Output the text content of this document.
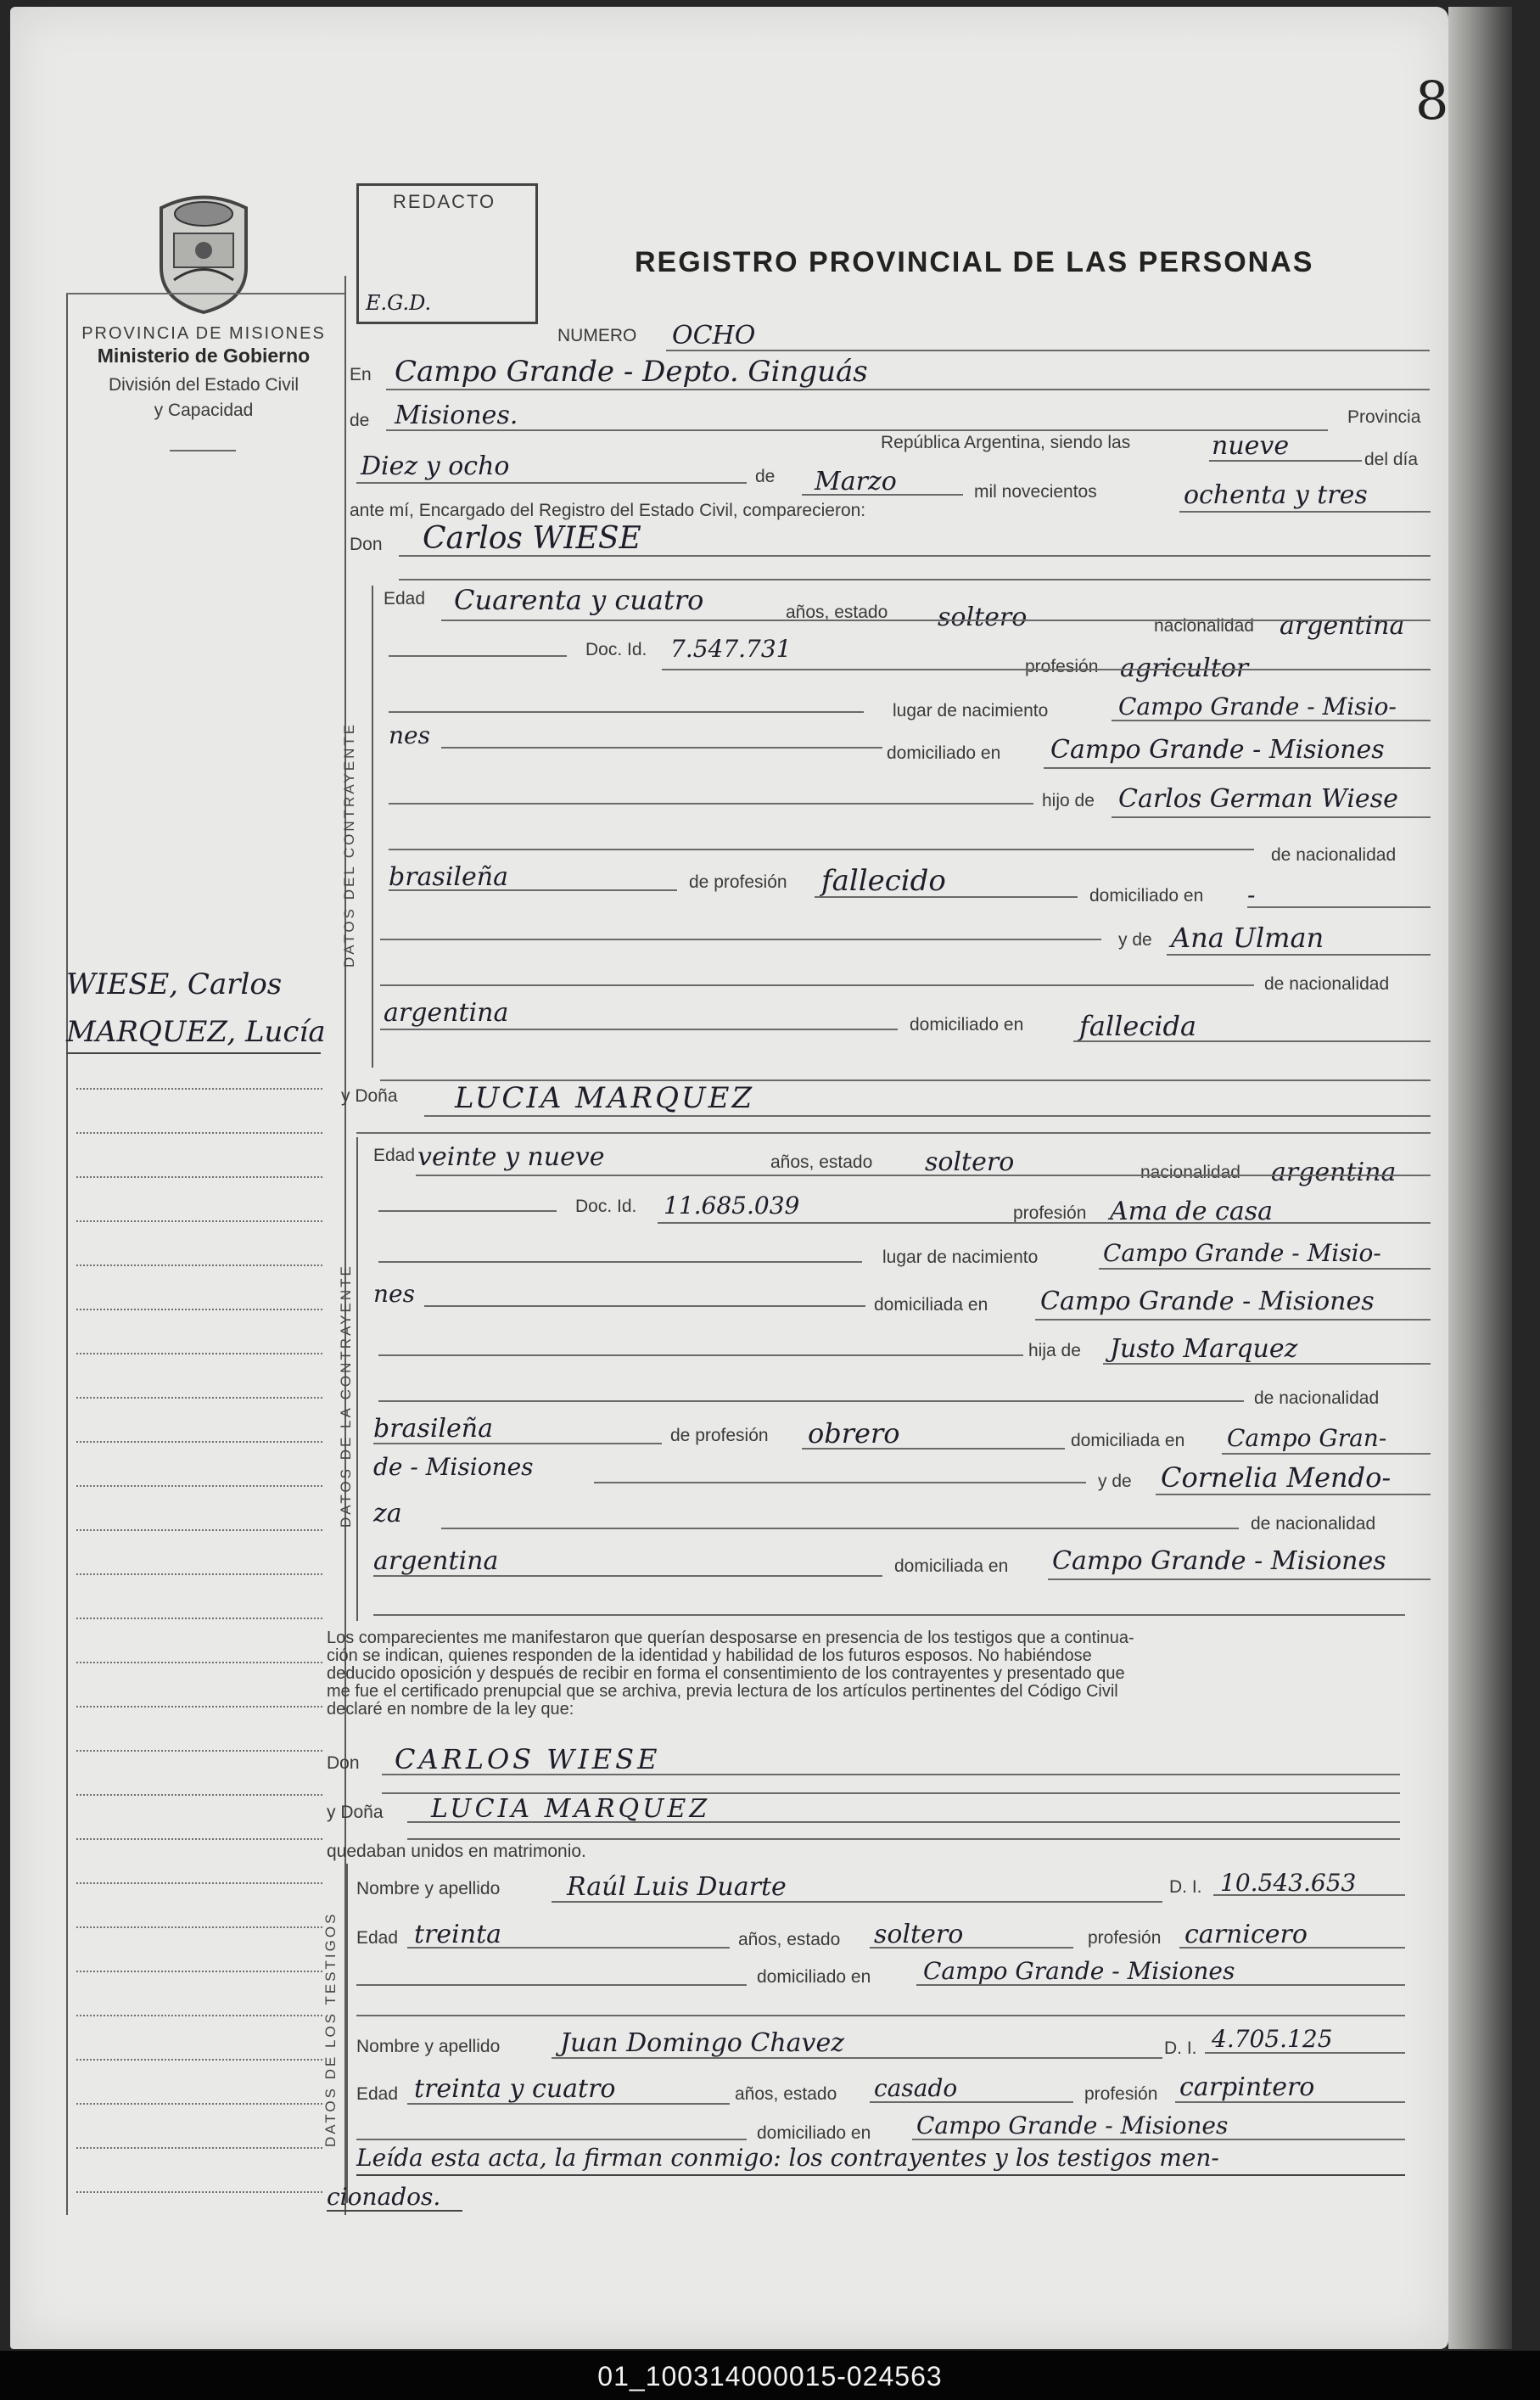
8
PROVINCIA DE MISIONES
Ministerio de Gobierno
División del Estado Civil
y Capacidad
REDACTO
E.G.D.
REGISTRO PROVINCIAL DE LAS PERSONAS
WIESE, Carlos
MARQUEZ, Lucía
NUMERO OCHO
En Campo Grande - Depto. Ginguás
de Misiones.	Provincia
República Argentina, siendo las	nueve	del día
Diez y ocho	de Marzo	mil novecientos	ochenta y tres
ante mí, Encargado del Registro del Estado Civil, comparecieron:
Don Carlos WIESE
DATOS DEL CONTRAYENTE
Edad Cuarenta y cuatro	años, estado soltero	nacionalidad argentina
Doc. Id. 7.547.731
profesión agricultor
lugar de nacimiento	Campo Grande - Misio-
nes
domiciliado en Campo Grande - Misiones
hijo de Carlos German Wiese
de nacionalidad
brasileña	de profesión fallecido	domiciliado en -
y de Ana Ulman
de nacionalidad
argentina	domiciliado en fallecida
y Doña LUCIA MARQUEZ
DATOS DE LA CONTRAYENTE
Edad veinte y nueve	años, estado soltero	nacionalidad argentina
Doc. Id. 11.685.039	profesión Ama de casa
lugar de nacimiento	Campo Grande - Misio-
nes	domiciliada en Campo Grande - Misiones
hija de Justo Marquez
de nacionalidad
brasileña	de profesión obrero	domiciliada en Campo Gran-
de - Misiones
y de Cornelia Mendo-
za	de nacionalidad
argentina	domiciliada en Campo Grande - Misiones
Los comparecientes me manifestaron que querían desposarse en presencia de los testigos que a continua-
ción se indican, quienes responden de la identidad y habilidad de los futuros esposos. No habiéndose
deducido oposición y después de recibir en forma el consentimiento de los contrayentes y presentado que
me fue el certificado prenupcial que se archiva, previa lectura de los artículos pertinentes del Código Civil
declaré en nombre de la ley que:
Don CARLOS WIESE
y Doña LUCIA MARQUEZ
quedaban unidos en matrimonio.
DATOS DE LOS TESTIGOS
Nombre y apellido	Raúl Luis Duarte	D. I. 10.543.653
Edad treinta	años, estado soltero	profesión carnicero
domiciliado en Campo Grande - Misiones
Nombre y apellido Juan Domingo Chavez	D. I. 4.705.125
Edad treinta y cuatro	años, estado casado	profesión carpintero
domiciliado en Campo Grande - Misiones
Leída esta acta, la firman conmigo: los contrayentes y los testigos men-
cionados.
01_100314000015-024563
